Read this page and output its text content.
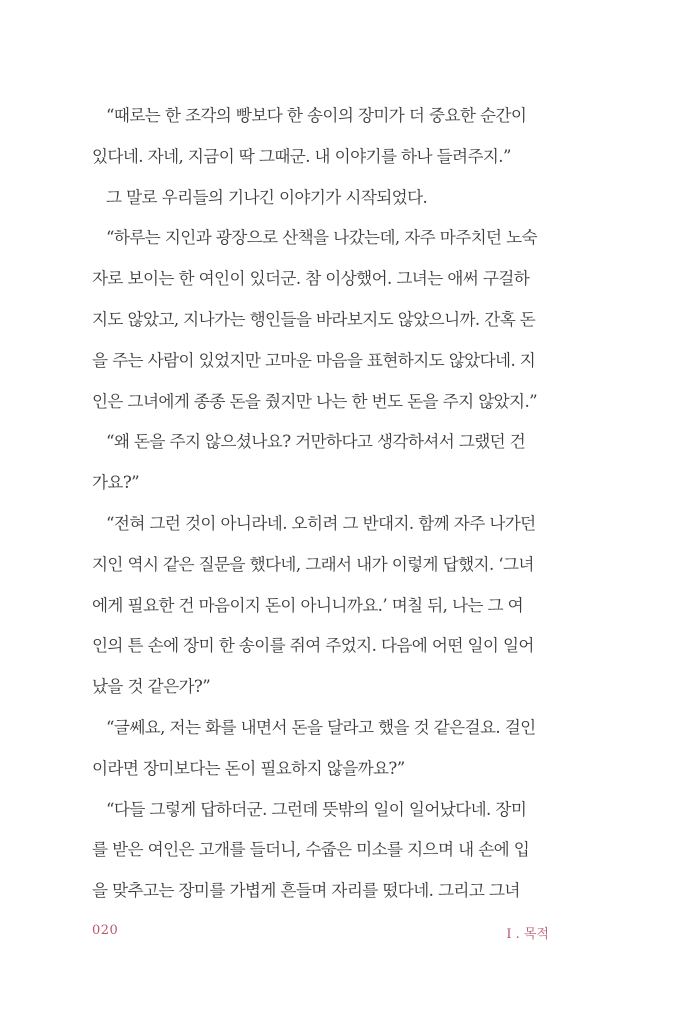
“때로는 한 조각의 빵보다 한 송이의 장미가 더 중요한 순간이
있다네. 자네, 지금이 딱 그때군. 내 이야기를 하나 들려주지.”
그 말로 우리들의 기나긴 이야기가 시작되었다.
“하루는 지인과 광장으로 산책을 나갔는데, 자주 마주치던 노숙
자로 보이는 한 여인이 있더군. 참 이상했어. 그녀는 애써 구걸하
지도 않았고, 지나가는 행인들을 바라보지도 않았으니까. 간혹 돈
을 주는 사람이 있었지만 고마운 마음을 표현하지도 않았다네. 지
인은 그녀에게 종종 돈을 줬지만 나는 한 번도 돈을 주지 않았지.”
“왜 돈을 주지 않으셨나요? 거만하다고 생각하셔서 그랬던 건
가요?”
“전혀 그런 것이 아니라네. 오히려 그 반대지. 함께 자주 나가던
지인 역시 같은 질문을 했다네, 그래서 내가 이렇게 답했지. ‘그녀
에게 필요한 건 마음이지 돈이 아니니까요.’ 며칠 뒤, 나는 그 여
인의 튼 손에 장미 한 송이를 쥐여 주었지. 다음에 어떤 일이 일어
났을 것 같은가?”
“글쎄요, 저는 화를 내면서 돈을 달라고 했을 것 같은걸요. 걸인
이라면 장미보다는 돈이 필요하지 않을까요?”
“다들 그렇게 답하더군. 그런데 뜻밖의 일이 일어났다네. 장미
를 받은 여인은 고개를 들더니, 수줍은 미소를 지으며 내 손에 입
을 맞추고는 장미를 가볍게 흔들며 자리를 떴다네. 그리고 그녀
020	I . 목적
